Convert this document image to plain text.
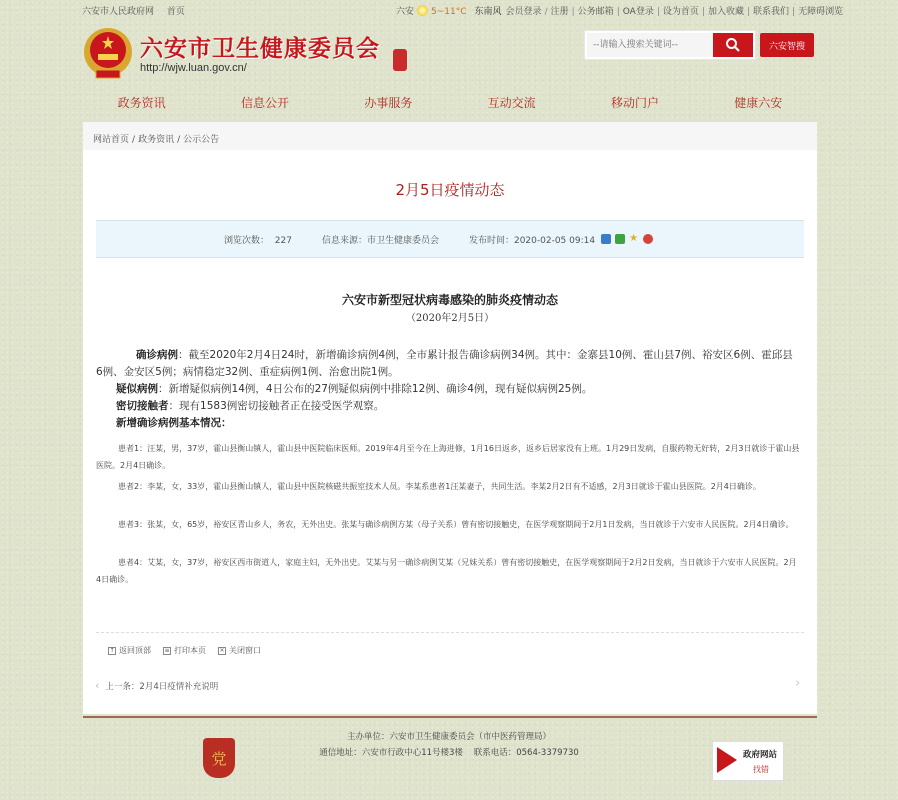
六安市人民政府网 首页	六安 5~11°C 东南风 会员登录 / 注册 | 公务邮箱 | OA登录 | 设为首页 | 加入收藏 | 联系我们 | 无障碍浏览
六安市卫生健康委员会
http://wjw.luan.gov.cn/
--请输入搜索关键词--
六安智搜
政务资讯	信息公开	办事服务	互动交流	移动门户	健康六安
网站首页 / 政务资讯 / 公示公告
2月5日疫情动态
浏览次数： 227	信息来源：市卫生健康委员会	发布时间：2020-02-05 09:14	★
六安市新型冠状病毒感染的肺炎疫情动态
（2020年2月5日）
确诊病例：截至2020年2月4日24时，新增确诊病例4例，全市累计报告确诊病例34例。其中：金寨县10例、霍山县7例、裕安区6例、霍邱县6例、金安区5例；病情稳定32例、重症病例1例、治愈出院1例。
疑似病例：新增疑似病例14例，4日公布的27例疑似病例中排除12例、确诊4例，现有疑似病例25例。
密切接触者：现有1583例密切接触者正在接受医学观察。
新增确诊病例基本情况：
患者1：汪某，男，37岁，霍山县衡山镇人，霍山县中医院临床医师。2019年4月至今在上海进修，1月16日返乡，返乡后居家没有上班。1月29日发病，自服药物无好转，2月3日就诊于霍山县医院。2月4日确诊。
患者2：李某，女，33岁，霍山县衡山镇人，霍山县中医院核磁共振室技术人员。李某系患者1汪某妻子，共同生活。李某2月2日有不适感，2月3日就诊于霍山县医院。2月4日确诊。
患者3：张某，女，65岁，裕安区青山乡人，务农，无外出史。张某与确诊病例方某（母子关系）曾有密切接触史，在医学观察期间于2月1日发病，当日就诊于六安市人民医院。2月4日确诊。
患者4：艾某，女，37岁，裕安区西市街道人，家庭主妇，无外出史。艾某与另一确诊病例艾某（兄妹关系）曾有密切接触史，在医学观察期间于2月2日发病，当日就诊于六安市人民医院。2月4日确诊。
↑ 返回顶部 ≡ 打印本页 × 关闭窗口
‹ 上一条：2月4日疫情补充说明	›
党
主办单位：六安市卫生健康委员会（市中医药管理局）
通信地址：六安市行政中心11号楼3楼 联系电话：0564-3379730	政府网站
找错
